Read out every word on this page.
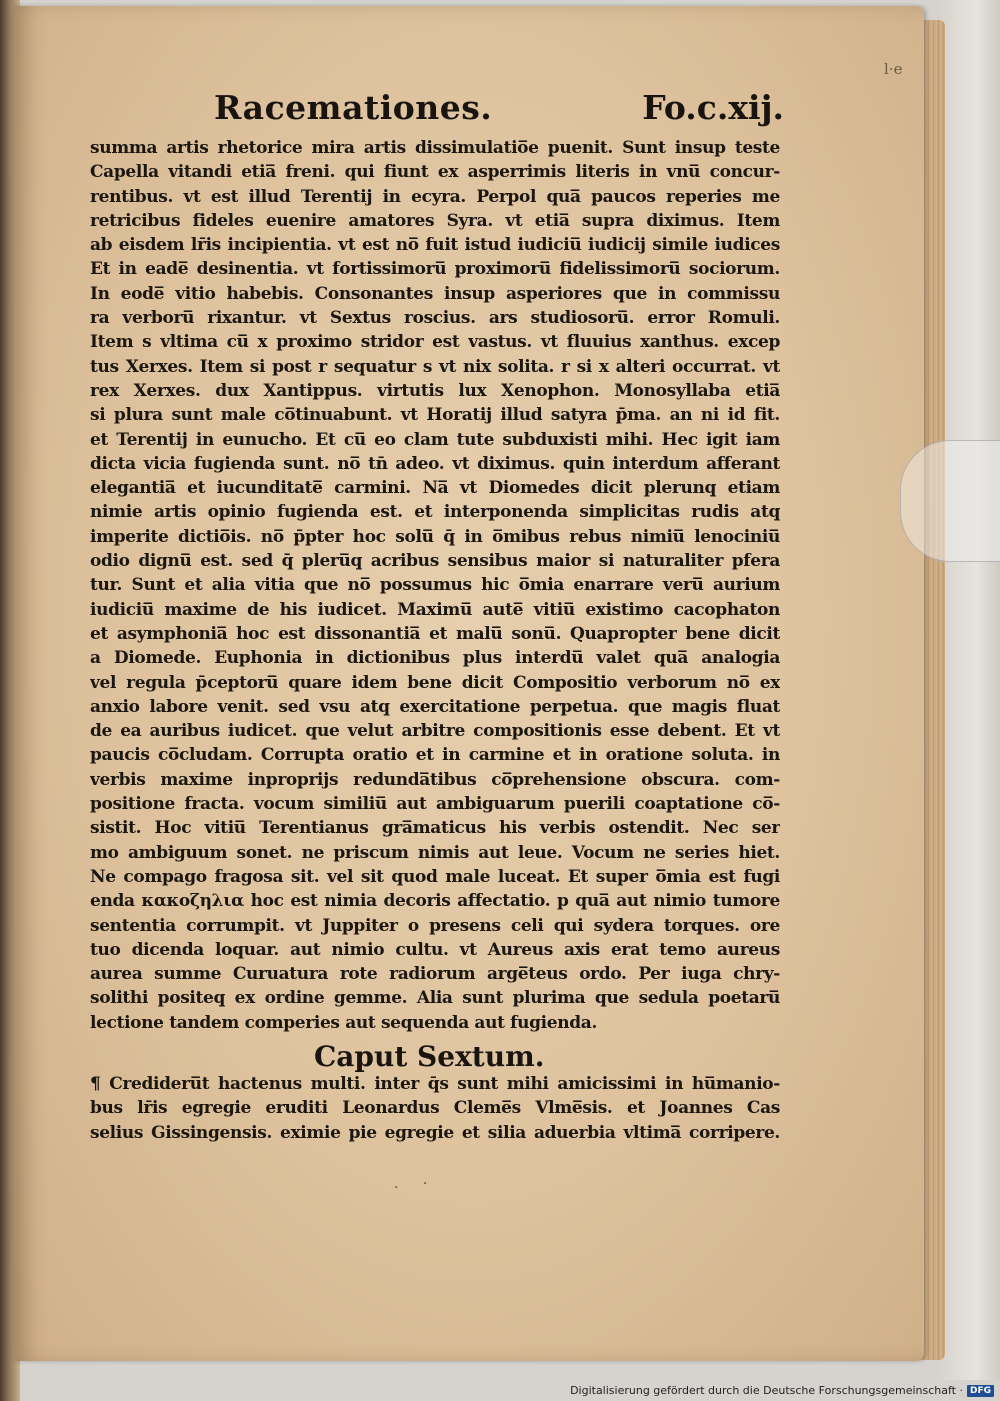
l·e
Racemationes.	Fo.c.xij.
summa artis rhetorice mira artis dissimulatio̅e puenit. Sunt insup teste
Capella vitandi etia̅ freni. qui fiunt ex asperrimis literis in vnu̅ concur-
rentibus. vt est illud Terentij in ecyra. Perpol qua̅ paucos reperies me
retricibus fideles euenire amatores Syra. vt etia̅ supra diximus. Item
ab eisdem lr̄is incipientia. vt est no̅ fuit istud iudiciu̅ iudicij simile iudices
Et in eade̅ desinentia. vt fortissimoru̅ proximoru̅ fidelissimoru̅ sociorum.
In eode̅ vitio habebis. Consonantes insup asperiores que in commissu
ra verboru̅ rixantur. vt Sextus roscius. ars studiosoru̅. error Romuli.
Item s vltima cu̅ x proximo stridor est vastus. vt fluuius xanthus. excep
tus Xerxes. Item si post r sequatur s vt nix solita. r si x alteri occurrat. vt
rex Xerxes. dux Xantippus. virtutis lux Xenophon. Monosyllaba etia̅
si plura sunt male co̅tinuabunt. vt Horatij illud satyra p̄ma. an ni id fit.
et Terentij in eunucho. Et cu̅ eo clam tute subduxisti mihi. Hec igit iam
dicta vicia fugienda sunt. no̅ tn̄ adeo. vt diximus. quin interdum afferant
elegantia̅ et iucunditate̅ carmini. Na̅ vt Diomedes dicit plerunq̧ etiam
nimie artis opinio fugienda est. et interponenda simplicitas rudis atq̧
imperite dictio̅is. no̅ p̄pter hoc solu̅ q̄ in o̅mibus rebus nimiu̅ lenociniu̅
odio dignu̅ est. sed q̄ pleru̅q̧ acribus sensibus maior si naturaliter pfera
tur. Sunt et alia vitia que no̅ possumus hic o̅mia enarrare veru̅ aurium
iudiciu̅ maxime de his iudicet. Maximu̅ aute̅ vitiu̅ existimo cacophaton
et asymphonia̅ hoc est dissonantia̅ et malu̅ sonu̅. Quapropter bene dicit
a Diomede. Euphonia in dictionibus plus interdu̅ valet qua̅ analogia
vel regula p̄ceptoru̅ quare idem bene dicit Compositio verborum no̅ ex
anxio labore venit. sed vsu atq̧ exercitatione perpetua. que magis fluat
de ea auribus iudicet. que velut arbitre compositionis esse debent. Et vt
paucis co̅cludam. Corrupta oratio et in carmine et in oratione soluta. in
verbis maxime inproprijs redunda̅tibus co̅prehensione obscura. com-
positione fracta. vocum similiu̅ aut ambiguarum puerili coaptatione co̅-
sistit. Hoc vitiu̅ Terentianus gra̅maticus his verbis ostendit. Nec ser
mo ambiguum sonet. ne priscum nimis aut leue. Vocum ne series hiet.
Ne compago fragosa sit. vel sit quod male luceat. Et super o̅mia est fugi
enda κακοζηλια hoc est nimia decoris affectatio. p qua̅ aut nimio tumore
sententia corrumpit. vt Juppiter o presens celi qui sydera torques. ore
tuo dicenda loquar. aut nimio cultu. vt Aureus axis erat temo aureus
aurea summe Curuatura rote radiorum arge̅teus ordo. Per iuga chry-
solithi positeq̧ ex ordine gemme. Alia sunt plurima que sedula poetaru̅
lectione tandem comperies aut sequenda aut fugienda.
Caput Sextum.
¶ Credideru̅t hactenus multi. inter q̄s sunt mihi amicissimi in hu̅manio-
bus lr̄is egregie eruditi Leonardus Cleme̅s Vlme̅sis. et Joannes Cas
selius Gissingensis. eximie pie egregie et silia aduerbia vltima̅ corripere.
. ·
Digitalisierung gefördert durch die Deutsche Forschungsgemeinschaft · DFG
